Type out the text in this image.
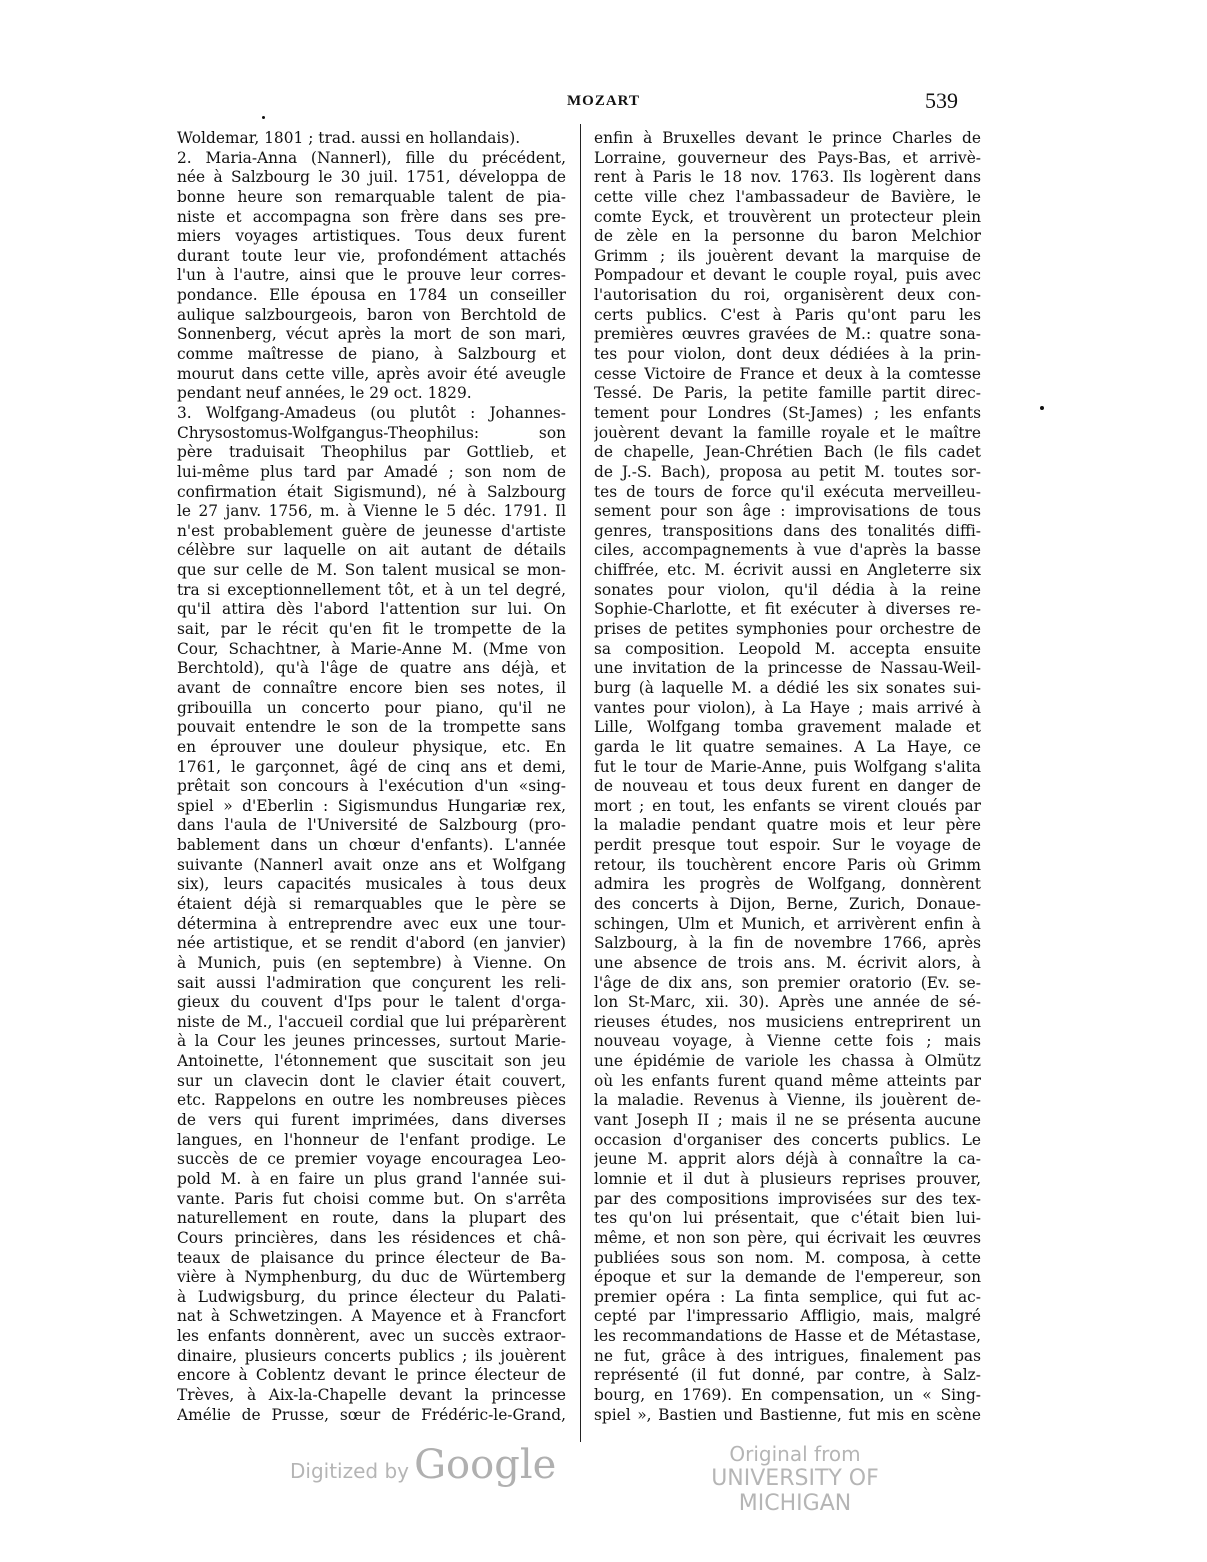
MOZART	539
Woldemar, 1801 ; trad. aussi en hollandais).
2. Maria-Anna (Nannerl), fille du précédent,
née à Salzbourg le 30 juil. 1751, développa de
bonne heure son remarquable talent de pia-
niste et accompagna son frère dans ses pre-
miers voyages artistiques. Tous deux furent
durant toute leur vie, profondément attachés
l'un à l'autre, ainsi que le prouve leur corres-
pondance. Elle épousa en 1784 un conseiller
aulique salzbourgeois, baron von Berchtold de
Sonnenberg, vécut après la mort de son mari,
comme maîtresse de piano, à Salzbourg et
mourut dans cette ville, après avoir été aveugle
pendant neuf années, le 29 oct. 1829.
3. Wolfgang-Amadeus (ou plutôt : Johannes-
Chrysostomus-Wolfgangus-Theophilus: son
père traduisait Theophilus par Gottlieb, et
lui-même plus tard par Amadé ; son nom de
confirmation était Sigismund), né à Salzbourg
le 27 janv. 1756, m. à Vienne le 5 déc. 1791. Il
n'est probablement guère de jeunesse d'artiste
célèbre sur laquelle on ait autant de détails
que sur celle de M. Son talent musical se mon-
tra si exceptionnellement tôt, et à un tel degré,
qu'il attira dès l'abord l'attention sur lui. On
sait, par le récit qu'en fit le trompette de la
Cour, Schachtner, à Marie-Anne M. (Mme von
Berchtold), qu'à l'âge de quatre ans déjà, et
avant de connaître encore bien ses notes, il
gribouilla un concerto pour piano, qu'il ne
pouvait entendre le son de la trompette sans
en éprouver une douleur physique, etc. En
1761, le garçonnet, âgé de cinq ans et demi,
prêtait son concours à l'exécution d'un «sing-
spiel » d'Eberlin : Sigismundus Hungariæ rex,
dans l'aula de l'Université de Salzbourg (pro-
bablement dans un chœur d'enfants). L'année
suivante (Nannerl avait onze ans et Wolfgang
six), leurs capacités musicales à tous deux
étaient déjà si remarquables que le père se
détermina à entreprendre avec eux une tour-
née artistique, et se rendit d'abord (en janvier)
à Munich, puis (en septembre) à Vienne. On
sait aussi l'admiration que conçurent les reli-
gieux du couvent d'Ips pour le talent d'orga-
niste de M., l'accueil cordial que lui préparèrent
à la Cour les jeunes princesses, surtout Marie-
Antoinette, l'étonnement que suscitait son jeu
sur un clavecin dont le clavier était couvert,
etc. Rappelons en outre les nombreuses pièces
de vers qui furent imprimées, dans diverses
langues, en l'honneur de l'enfant prodige. Le
succès de ce premier voyage encouragea Leo-
pold M. à en faire un plus grand l'année sui-
vante. Paris fut choisi comme but. On s'arrêta
naturellement en route, dans la plupart des
Cours princières, dans les résidences et châ-
teaux de plaisance du prince électeur de Ba-
vière à Nymphenburg, du duc de Würtemberg
à Ludwigsburg, du prince électeur du Palati-
nat à Schwetzingen. A Mayence et à Francfort
les enfants donnèrent, avec un succès extraor-
dinaire, plusieurs concerts publics ; ils jouèrent
encore à Coblentz devant le prince électeur de
Trèves, à Aix-la-Chapelle devant la princesse
Amélie de Prusse, sœur de Frédéric-le-Grand,
enfin à Bruxelles devant le prince Charles de
Lorraine, gouverneur des Pays-Bas, et arrivè-
rent à Paris le 18 nov. 1763. Ils logèrent dans
cette ville chez l'ambassadeur de Bavière, le
comte Eyck, et trouvèrent un protecteur plein
de zèle en la personne du baron Melchior
Grimm ; ils jouèrent devant la marquise de
Pompadour et devant le couple royal, puis avec
l'autorisation du roi, organisèrent deux con-
certs publics. C'est à Paris qu'ont paru les
premières œuvres gravées de M.: quatre sona-
tes pour violon, dont deux dédiées à la prin-
cesse Victoire de France et deux à la comtesse
Tessé. De Paris, la petite famille partit direc-
tement pour Londres (St-James) ; les enfants
jouèrent devant la famille royale et le maître
de chapelle, Jean-Chrétien Bach (le fils cadet
de J.-S. Bach), proposa au petit M. toutes sor-
tes de tours de force qu'il exécuta merveilleu-
sement pour son âge : improvisations de tous
genres, transpositions dans des tonalités diffi-
ciles, accompagnements à vue d'après la basse
chiffrée, etc. M. écrivit aussi en Angleterre six
sonates pour violon, qu'il dédia à la reine
Sophie-Charlotte, et fit exécuter à diverses re-
prises de petites symphonies pour orchestre de
sa composition. Leopold M. accepta ensuite
une invitation de la princesse de Nassau-Weil-
burg (à laquelle M. a dédié les six sonates sui-
vantes pour violon), à La Haye ; mais arrivé à
Lille, Wolfgang tomba gravement malade et
garda le lit quatre semaines. A La Haye, ce
fut le tour de Marie-Anne, puis Wolfgang s'alita
de nouveau et tous deux furent en danger de
mort ; en tout, les enfants se virent cloués par
la maladie pendant quatre mois et leur père
perdit presque tout espoir. Sur le voyage de
retour, ils touchèrent encore Paris où Grimm
admira les progrès de Wolfgang, donnèrent
des concerts à Dijon, Berne, Zurich, Donaue-
schingen, Ulm et Munich, et arrivèrent enfin à
Salzbourg, à la fin de novembre 1766, après
une absence de trois ans. M. écrivit alors, à
l'âge de dix ans, son premier oratorio (Ev. se-
lon St-Marc, xii. 30). Après une année de sé-
rieuses études, nos musiciens entreprirent un
nouveau voyage, à Vienne cette fois ; mais
une épidémie de variole les chassa à Olmütz
où les enfants furent quand même atteints par
la maladie. Revenus à Vienne, ils jouèrent de-
vant Joseph II ; mais il ne se présenta aucune
occasion d'organiser des concerts publics. Le
jeune M. apprit alors déjà à connaître la ca-
lomnie et il dut à plusieurs reprises prouver,
par des compositions improvisées sur des tex-
tes qu'on lui présentait, que c'était bien lui-
même, et non son père, qui écrivait les œuvres
publiées sous son nom. M. composa, à cette
époque et sur la demande de l'empereur, son
premier opéra : La finta semplice, qui fut ac-
cepté par l'impressario Affligio, mais, malgré
les recommandations de Hasse et de Métastase,
ne fut, grâce à des intrigues, finalement pas
représenté (il fut donné, par contre, à Salz-
bourg, en 1769). En compensation, un « Sing-
spiel », Bastien und Bastienne, fut mis en scène
Digitized by Google	Original from
UNIVERSITY OF MICHIGAN
